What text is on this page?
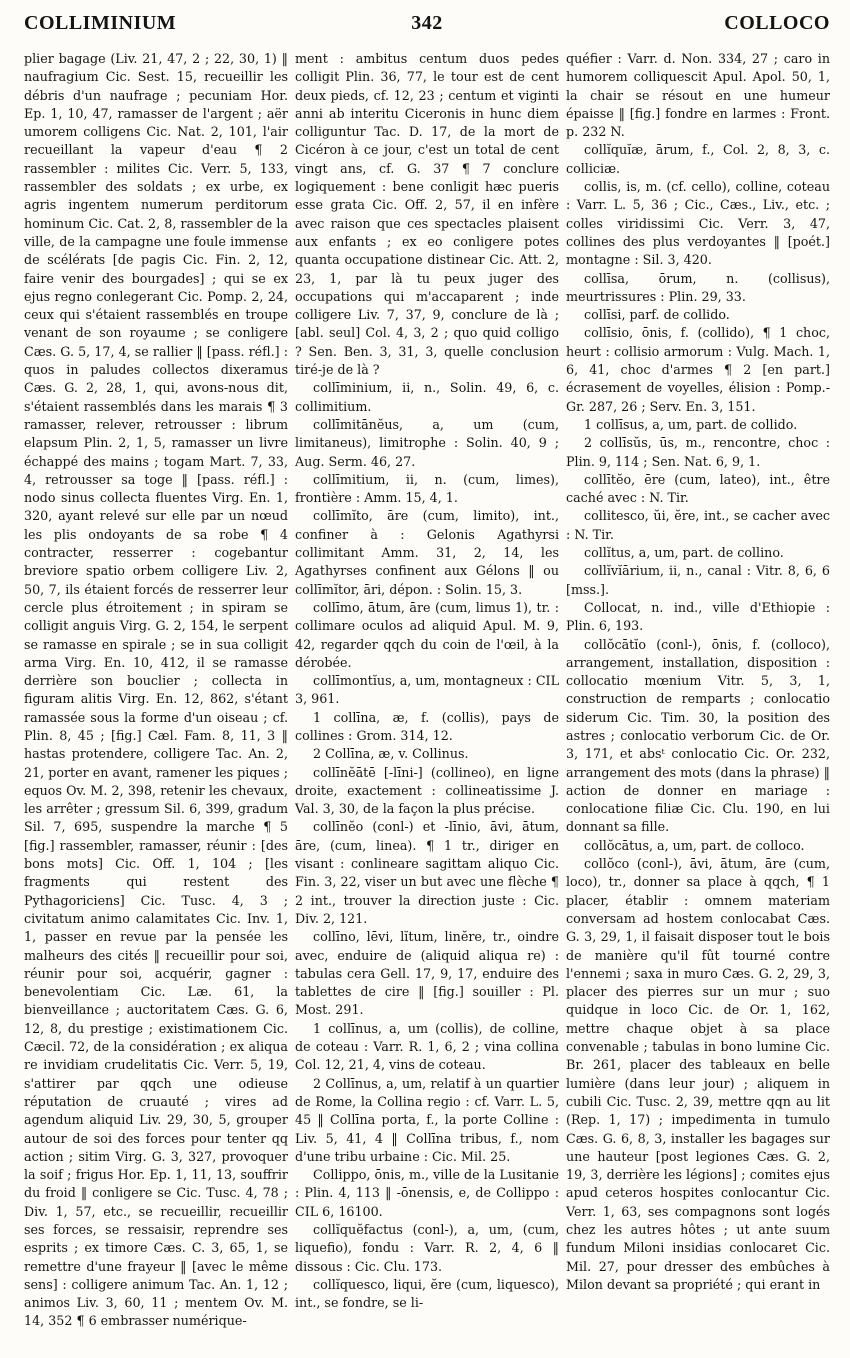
COLLIMINIUM	342	COLLOCO

plier bagage (Liv. 21, 47, 2 ; 22, 30, 1) ‖ naufragium Cic. Sest. 15, recueillir les débris d'un naufrage ; pecuniam Hor. Ep. 1, 10, 47, ramasser de l'argent ; aër umorem colligens Cic. Nat. 2, 101, l'air recueillant la vapeur d'eau ¶ 2 rassembler : milites Cic. Verr. 5, 133, rassembler des soldats ; ex urbe, ex agris ingentem numerum perditorum hominum Cic. Cat. 2, 8, rassembler de la ville, de la campagne une foule immense de scélérats [de pagis Cic. Fin. 2, 12, faire venir des bourgades] ; qui se ex ejus regno conlegerant Cic. Pomp. 2, 24, ceux qui s'étaient rassemblés en troupe venant de son royaume ; se conligere Cæs. G. 5, 17, 4, se rallier ‖ [pass. réfl.] : quos in paludes collectos dixeramus Cæs. G. 2, 28, 1, qui, avons-nous dit, s'étaient rassemblés dans les marais ¶ 3 ramasser, relever, retrousser : librum elapsum Plin. 2, 1, 5, ramasser un livre échappé des mains ; togam Mart. 7, 33, 4, retrousser sa toge ‖ [pass. réfl.] : nodo sinus collecta fluentes Virg. En. 1, 320, ayant relevé sur elle par un nœud les plis ondoyants de sa robe ¶ 4 contracter, resserrer : cogebantur breviore spatio orbem colligere Liv. 2, 50, 7, ils étaient forcés de resserrer leur cercle plus étroitement ; in spiram se colligit anguis Virg. G. 2, 154, le serpent se ramasse en spirale ; se in sua colligit arma Virg. En. 10, 412, il se ramasse derrière son bouclier ; collecta in figuram alitis Virg. En. 12, 862, s'étant ramassée sous la forme d'un oiseau ; cf. Plin. 8, 45 ; [fig.] Cæl. Fam. 8, 11, 3 ‖ hastas protendere, colligere Tac. An. 2, 21, porter en avant, ramener les piques ; equos Ov. M. 2, 398, retenir les chevaux, les arrêter ; gressum Sil. 6, 399, gradum Sil. 7, 695, suspendre la marche ¶ 5 [fig.] rassembler, ramasser, réunir : [des bons mots] Cic. Off. 1, 104 ; [les fragments qui restent des Pythagoriciens] Cic. Tusc. 4, 3 ; civitatum animo calamitates Cic. Inv. 1, 1, passer en revue par la pensée les malheurs des cités ‖ recueillir pour soi, réunir pour soi, acquérir, gagner : benevolentiam Cic. Læ. 61, la bienveillance ; auctoritatem Cæs. G. 6, 12, 8, du prestige ; existimationem Cic. Cæcil. 72, de la considération ; ex aliqua re invidiam crudelitatis Cic. Verr. 5, 19, s'attirer par qqch une odieuse réputation de cruauté ; vires ad agendum aliquid Liv. 29, 30, 5, grouper autour de soi des forces pour tenter qq action ; sitim Virg. G. 3, 327, provoquer la soif ; frigus Hor. Ep. 1, 11, 13, souffrir du froid ‖ conligere se Cic. Tusc. 4, 78 ; Div. 1, 57, etc., se recueillir, recueillir ses forces, se ressaisir, reprendre ses esprits ; ex timore Cæs. C. 3, 65, 1, se remettre d'une frayeur ‖ [avec le même sens] : colligere animum Tac. An. 1, 12 ; animos Liv. 3, 60, 11 ; mentem Ov. M. 14, 352 ¶ 6 embrasser numérique-

ment : ambitus centum duos pedes colligit Plin. 36, 77, le tour est de cent deux pieds, cf. 12, 23 ; centum et viginti anni ab interitu Ciceronis in hunc diem colliguntur Tac. D. 17, de la mort de Cicéron à ce jour, c'est un total de cent vingt ans, cf. G. 37 ¶ 7 conclure logiquement : bene conligit hæc pueris esse grata Cic. Off. 2, 57, il en infère avec raison que ces spectacles plaisent aux enfants ; ex eo conligere potes quanta occupatione distinear Cic. Att. 2, 23, 1, par là tu peux juger des occupations qui m'accaparent ; inde colligere Liv. 7, 37, 9, conclure de là ; [abl. seul] Col. 4, 3, 2 ; quo quid colligo ? Sen. Ben. 3, 31, 3, quelle conclusion tiré-je de là ?

collīminium, ii, n., Solin. 49, 6, c. collimitium.

collīmitānĕus, a, um (cum, limitaneus), limitrophe : Solin. 40, 9 ; Aug. Serm. 46, 27.

collīmitium, ii, n. (cum, limes), frontière : Amm. 15, 4, 1.

collīmĭto, āre (cum, limito), int., confiner à : Gelonis Agathyrsi collimitant Amm. 31, 2, 14, les Agathyrses confinent aux Gélons ‖ ou collīmĭtor, āri, dépon. : Solin. 15, 3.

collīmo, ātum, āre (cum, limus 1), tr. : collimare oculos ad aliquid Apul. M. 9, 42, regarder qqch du coin de l'œil, à la dérobée.

collīmontĭus, a, um, montagneux : CIL 3, 961.

1 collīna, æ, f. (collis), pays de collines : Grom. 314, 12.

2 Collīna, æ, v. Collinus.

collīnĕātē [-līni-] (collineo), en ligne droite, exactement : collineatissime J. Val. 3, 30, de la façon la plus précise.

collīnĕo (conl-) et -līnio, āvi, ātum, āre, (cum, linea). ¶ 1 tr., diriger en visant : conlineare sagittam aliquo Cic. Fin. 3, 22, viser un but avec une flèche ¶ 2 int., trouver la direction juste : Cic. Div. 2, 121.

collīno, lēvi, lĭtum, linĕre, tr., oindre avec, enduire de (aliquid aliqua re) : tabulas cera Gell. 17, 9, 17, enduire des tablettes de cire ‖ [fig.] souiller : Pl. Most. 291.

1 collīnus, a, um (collis), de colline, de coteau : Varr. R. 1, 6, 2 ; vina collina Col. 12, 21, 4, vins de coteau.

2 Collīnus, a, um, relatif à un quartier de Rome, la Collina regio : cf. Varr. L. 5, 45 ‖ Collīna porta, f., la porte Colline : Liv. 5, 41, 4 ‖ Collīna tribus, f., nom d'une tribu urbaine : Cic. Mil. 25.

Collippo, ōnis, m., ville de la Lusitanie : Plin. 4, 113 ‖ -ōnensis, e, de Collippo : CIL 6, 16100.

collĭquĕfactus (conl-), a, um, (cum, liquefio), fondu : Varr. R. 2, 4, 6 ‖ dissous : Cic. Clu. 173.

collĭquesco, liqui, ĕre (cum, liquesco), int., se fondre, se li-

quéfier : Varr. d. Non. 334, 27 ; caro in humorem colliquescit Apul. Apol. 50, 1, la chair se résout en une humeur épaisse ‖ [fig.] fondre en larmes : Front. p. 232 N.

collĭquĭæ, ārum, f., Col. 2, 8, 3, c. colliciæ.

collis, is, m. (cf. cello), colline, coteau : Varr. L. 5, 36 ; Cic., Cæs., Liv., etc. ; colles viridissimi Cic. Verr. 3, 47, collines des plus verdoyantes ‖ [poét.] montagne : Sil. 3, 420.

collīsa, ōrum, n. (collisus), meurtrissures : Plin. 29, 33.

collīsi, parf. de collido.

collīsio, ōnis, f. (collido), ¶ 1 choc, heurt : collisio armorum : Vulg. Mach. 1, 6, 41, choc d'armes ¶ 2 [en part.] écrasement de voyelles, élision : Pomp.-Gr. 287, 26 ; Serv. En. 3, 151.

1 collīsus, a, um, part. de collido.

2 collīsŭs, ūs, m., rencontre, choc : Plin. 9, 114 ; Sen. Nat. 6, 9, 1.

collītĕo, ēre (cum, lateo), int., être caché avec : N. Tir.

collitesco, ŭi, ĕre, int., se cacher avec : N. Tir.

collĭtus, a, um, part. de collino.

collĭvĭārium, ii, n., canal : Vitr. 8, 6, 6 [mss.].

Collocat, n. ind., ville d'Ethiopie : Plin. 6, 193.

collŏcātĭo (conl-), ōnis, f. (colloco), arrangement, installation, disposition : collocatio mœnium Vitr. 5, 3, 1, construction de remparts ; conlocatio siderum Cic. Tim. 30, la position des astres ; conlocatio verborum Cic. de Or. 3, 171, et absᵗ conlocatio Cic. Or. 232, arrangement des mots (dans la phrase) ‖ action de donner en mariage : conlocatione filiæ Cic. Clu. 190, en lui donnant sa fille.

collŏcātus, a, um, part. de colloco.

collŏco (conl-), āvi, ātum, āre (cum, loco), tr., donner sa place à qqch, ¶ 1 placer, établir : omnem materiam conversam ad hostem conlocabat Cæs. G. 3, 29, 1, il faisait disposer tout le bois de manière qu'il fût tourné contre l'ennemi ; saxa in muro Cæs. G. 2, 29, 3, placer des pierres sur un mur ; suo quidque in loco Cic. de Or. 1, 162, mettre chaque objet à sa place convenable ; tabulas in bono lumine Cic. Br. 261, placer des tableaux en belle lumière (dans leur jour) ; aliquem in cubili Cic. Tusc. 2, 39, mettre qqn au lit (Rep. 1, 17) ; impedimenta in tumulo Cæs. G. 6, 8, 3, installer les bagages sur une hauteur [post legiones Cæs. G. 2, 19, 3, derrière les légions] ; comites ejus apud ceteros hospites conlocantur Cic. Verr. 1, 63, ses compagnons sont logés chez les autres hôtes ; ut ante suum fundum Miloni insidias conlocaret Cic. Mil. 27, pour dresser des embûches à Milon devant sa propriété ; qui erant in
